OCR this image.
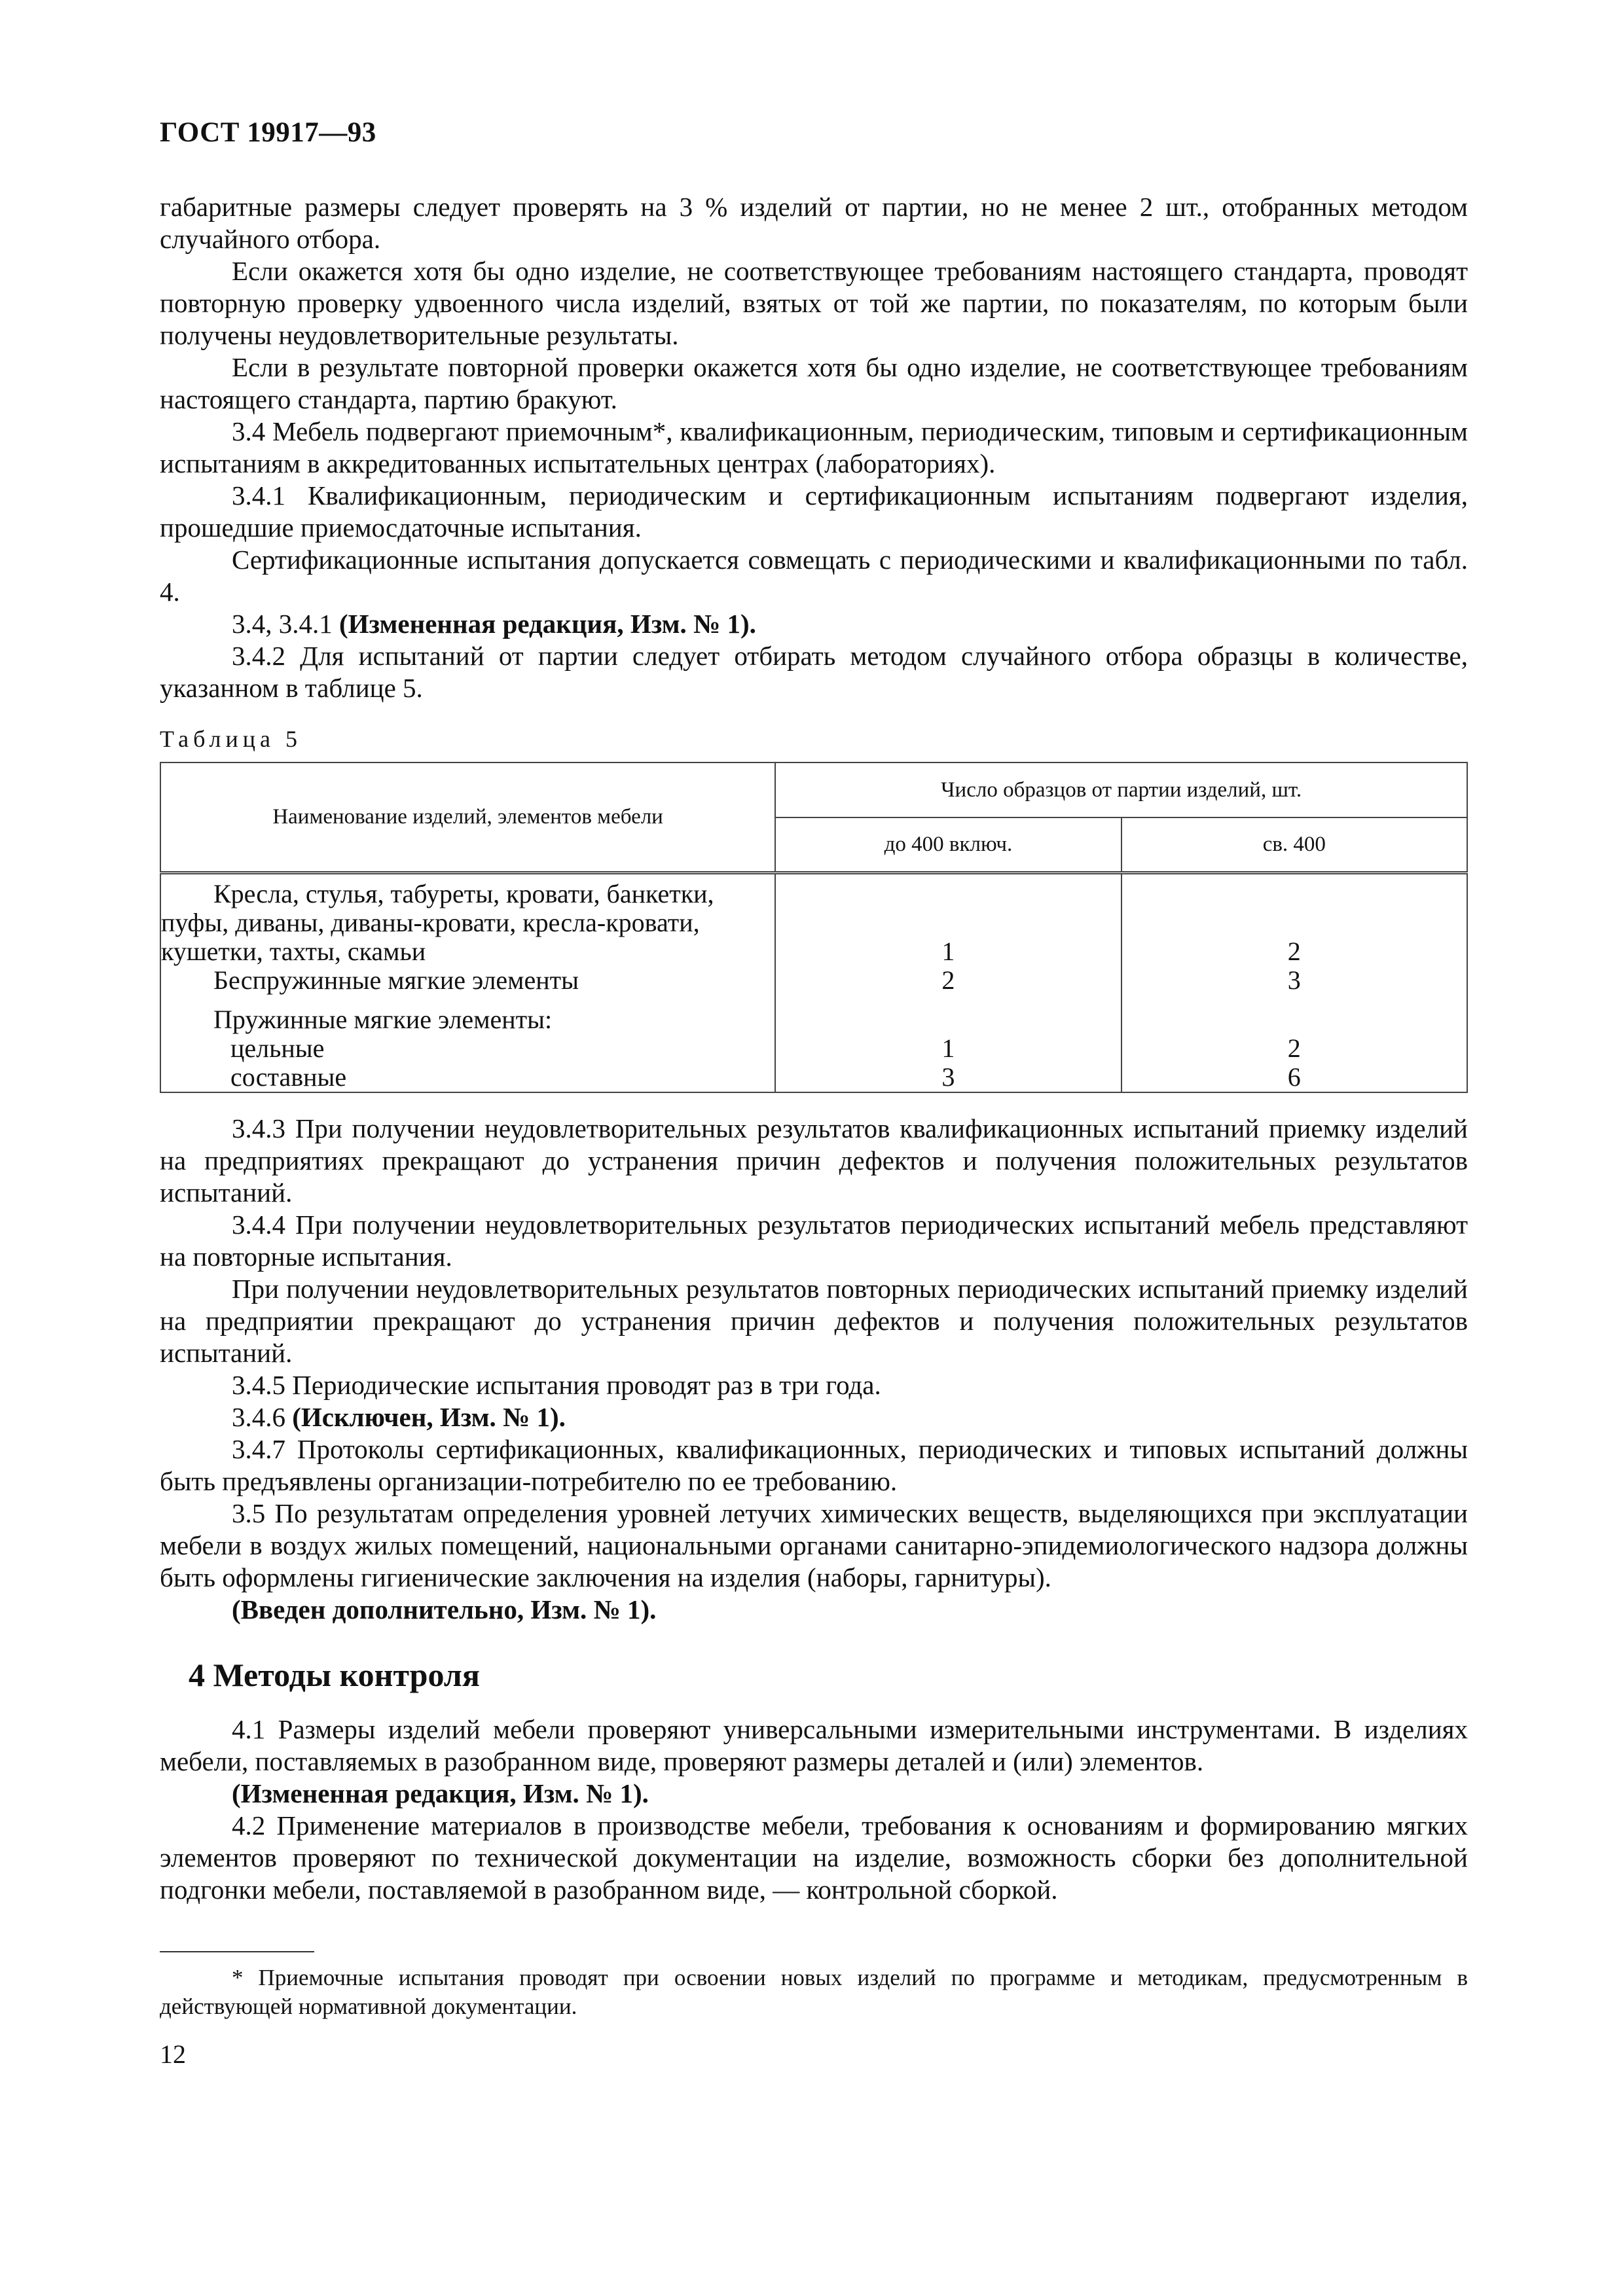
ГОСТ 19917—93

габаритные размеры следует проверять на 3 % изделий от партии, но не менее 2 шт., отобранных методом случайного отбора.

Если окажется хотя бы одно изделие, не соответствующее требованиям настоящего стандарта, проводят повторную проверку удвоенного числа изделий, взятых от той же партии, по показателям, по которым были получены неудовлетворительные результаты.

Если в результате повторной проверки окажется хотя бы одно изделие, не соответствующее требованиям настоящего стандарта, партию бракуют.

3.4 Мебель подвергают приемочным*, квалификационным, периодическим, типовым и сертификационным испытаниям в аккредитованных испытательных центрах (лабораториях).

3.4.1 Квалификационным, периодическим и сертификационным испытаниям подвергают изделия, прошедшие приемосдаточные испытания.

Сертификационные испытания допускается совмещать с периодическими и квалификационными по табл. 4.

3.4, 3.4.1 (Измененная редакция, Изм. № 1).

3.4.2 Для испытаний от партии следует отбирать методом случайного отбора образцы в количестве, указанном в таблице 5.

Таблица 5
Наименование изделий, элементов мебели	Число образцов от партии изделий, шт.	
	до 400 включ.	св. 400

Кресла, стулья, табуреты, кровати, банкетки,
пуфы, диваны, диваны-кровати, кресла-кровати,
кушетки, тахты, скамьи	1	2
Беспружинные мягкие элементы	2	3
Пружинные мягкие элементы:		
цельные	1	2
составные	3	6

3.4.3 При получении неудовлетворительных результатов квалификационных испытаний приемку изделий на предприятиях прекращают до устранения причин дефектов и получения положительных результатов испытаний.

3.4.4 При получении неудовлетворительных результатов периодических испытаний мебель представляют на повторные испытания.

При получении неудовлетворительных результатов повторных периодических испытаний приемку изделий на предприятии прекращают до устранения причин дефектов и получения положительных результатов испытаний.

3.4.5 Периодические испытания проводят раз в три года.

3.4.6 (Исключен, Изм. № 1).

3.4.7 Протоколы сертификационных, квалификационных, периодических и типовых испытаний должны быть предъявлены организации-потребителю по ее требованию.

3.5 По результатам определения уровней летучих химических веществ, выделяющихся при эксплуатации мебели в воздух жилых помещений, национальными органами санитарно-эпидемиологического надзора должны быть оформлены гигиенические заключения на изделия (наборы, гарнитуры).

(Введен дополнительно, Изм. № 1).

4 Методы контроля

4.1 Размеры изделий мебели проверяют универсальными измерительными инструментами. В изделиях мебели, поставляемых в разобранном виде, проверяют размеры деталей и (или) элементов.

(Измененная редакция, Изм. № 1).

4.2 Применение материалов в производстве мебели, требования к основаниям и формированию мягких элементов проверяют по технической документации на изделие, возможность сборки без дополнительной подгонки мебели, поставляемой в разобранном виде, — контрольной сборкой.

* Приемочные испытания проводят при освоении новых изделий по программе и методикам, предусмотренным в действующей нормативной документации.
12
